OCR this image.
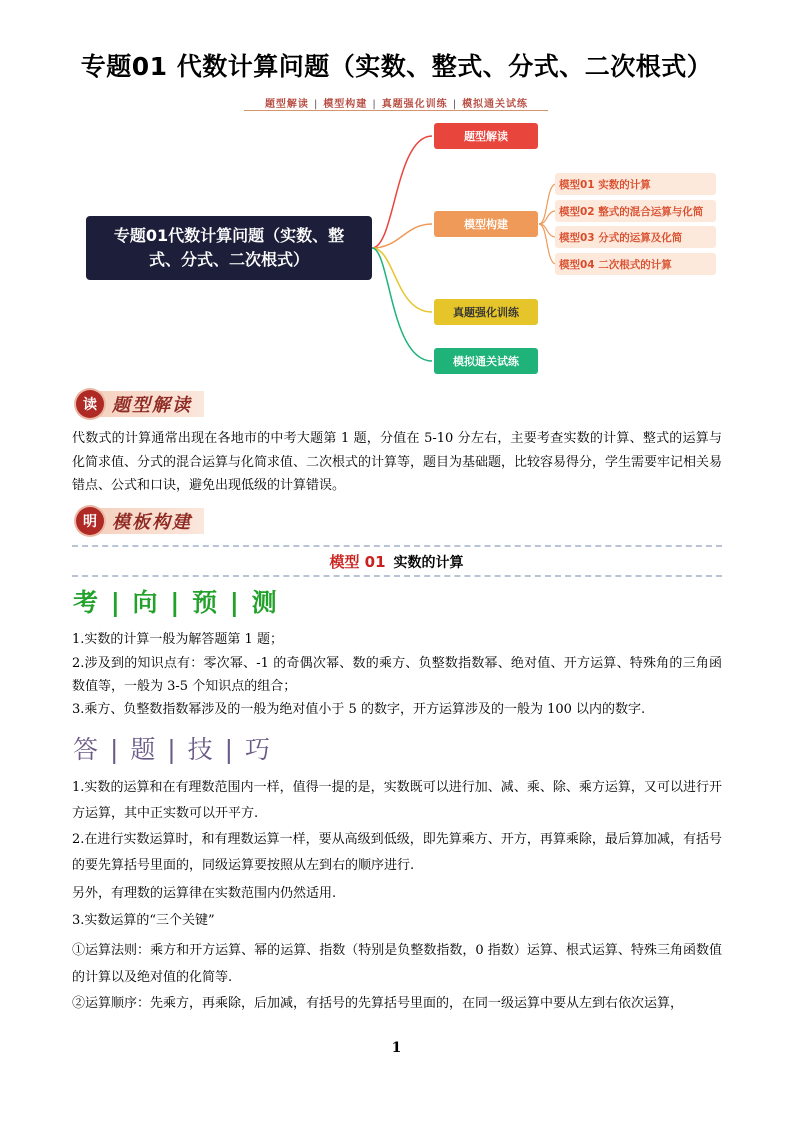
专题01 代数计算问题（实数、整式、分式、二次根式）
题型解读 | 模型构建 | 真题强化训练 | 模拟通关试练
专题01代数计算问题（实数、整式、分式、二次根式）
题型解读
模型构建
真题强化训练
模拟通关试练
模型01 实数的计算
模型02 整式的混合运算与化简
模型03 分式的运算及化简
模型04 二次根式的计算
读 题型解读
代数式的计算通常出现在各地市的中考大题第 1 题，分值在 5-10 分左右，主要考查实数的计算、整式的运算与化简求值、分式的混合运算与化简求值、二次根式的计算等，题目为基础题，比较容易得分，学生需要牢记相关易错点、公式和口诀，避免出现低级的计算错误。
明 模板构建
模型 01 实数的计算
考 | 向 | 预 | 测
1.实数的计算一般为解答题第 1 题；
2.涉及到的知识点有：零次幂、-1 的奇偶次幂、数的乘方、负整数指数幂、绝对值、开方运算、特殊角的三角函数值等，一般为 3-5 个知识点的组合；
3.乘方、负整数指数幂涉及的一般为绝对值小于 5 的数字，开方运算涉及的一般为 100 以内的数字.
答 | 题 | 技 | 巧
1.实数的运算和在有理数范围内一样，值得一提的是，实数既可以进行加、减、乘、除、乘方运算，又可以进行开方运算，其中正实数可以开平方.
2.在进行实数运算时，和有理数运算一样，要从高级到低级，即先算乘方、开方，再算乘除，最后算加减，有括号的要先算括号里面的，同级运算要按照从左到右的顺序进行.
另外，有理数的运算律在实数范围内仍然适用.
3.实数运算的“三个关键”
①运算法则：乘方和开方运算、幂的运算、指数（特别是负整数指数，0 指数）运算、根式运算、特殊三角函数值的计算以及绝对值的化简等.
②运算顺序：先乘方，再乘除，后加减，有括号的先算括号里面的，在同一级运算中要从左到右依次运算，
1
